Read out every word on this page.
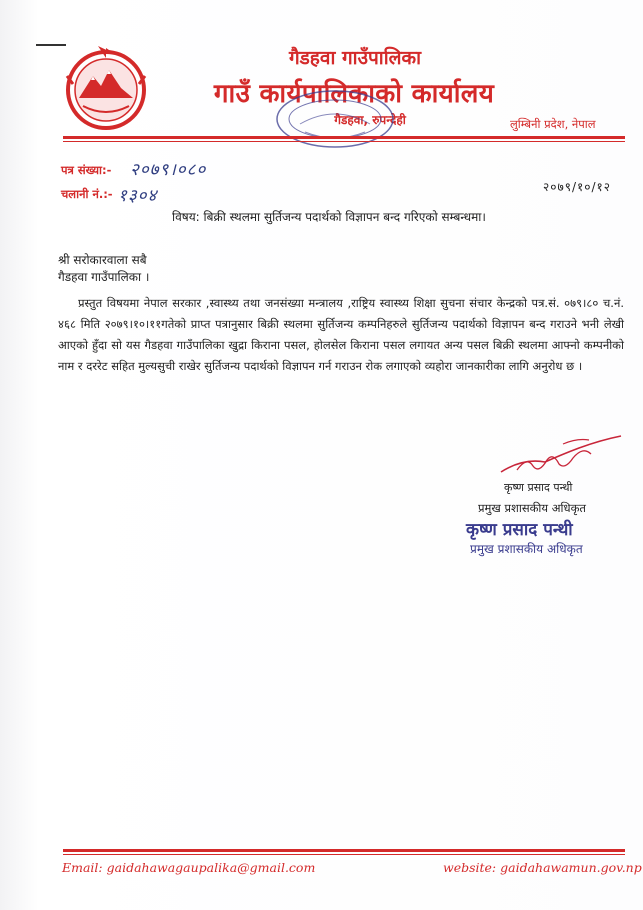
गैडहवा गाउँपालिका
गाउँ कार्यपालिकाको कार्यालय
गैडहवा, रुपन्देही	लुम्बिनी प्रदेश, नेपाल
पत्र संख्या:- २०७९।०८०
चलानी नं.:- १३०४	२०७९/१०/१२
विषय: बिक्री स्थलमा सुर्तिजन्य पदार्थको विज्ञापन बन्द गरिएको सम्बन्धमा।
श्री सरोकारवाला सबै
गैडहवा गाउँपालिका ।
प्रस्तुत विषयमा नेपाल सरकार ,स्वास्थ्य तथा जनसंख्या मन्त्रालय ,राष्ट्रिय स्वास्थ्य शिक्षा सुचना संचार केन्द्रको पत्र.सं. ०७९।८० च.नं. ४६८ मिति २०७९।१०।११गतेको प्राप्त पत्रानुसार बिक्री स्थलमा सुर्तिजन्य कम्पनिहरुले सुर्तिजन्य पदार्थको विज्ञापन बन्द गराउने भनी लेखी आएको हुँदा सो यस गैडहवा गाउँपालिका खुद्रा किराना पसल, होलसेल किराना पसल लगायत अन्य पसल बिक्री स्थलमा आफ्नो कम्पनीको नाम र दररेट सहित मुल्यसुची राखेर सुर्तिजन्य पदार्थको विज्ञापन गर्न गराउन रोक लगाएको व्यहोरा जानकारीका लागि अनुरोध छ ।
कृष्ण प्रसाद पन्थी
प्रमुख प्रशासकीय अधिकृत
कृष्ण प्रसाद पन्थी
प्रमुख प्रशासकीय अधिकृत
Email: gaidahawagaupalika@gmail.com	website: gaidahawamun.gov.np
